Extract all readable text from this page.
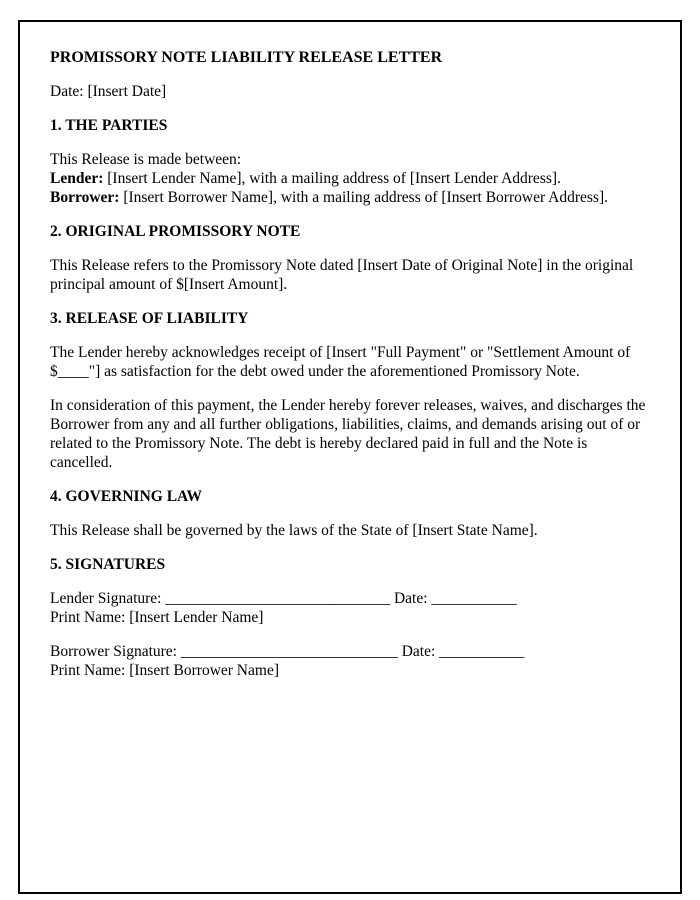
PROMISSORY NOTE LIABILITY RELEASE LETTER
Date: [Insert Date]
1. THE PARTIES
This Release is made between:
Lender: [Insert Lender Name], with a mailing address of [Insert Lender Address].
Borrower: [Insert Borrower Name], with a mailing address of [Insert Borrower Address].
2. ORIGINAL PROMISSORY NOTE
This Release refers to the Promissory Note dated [Insert Date of Original Note] in the original principal amount of $[Insert Amount].
3. RELEASE OF LIABILITY
The Lender hereby acknowledges receipt of [Insert "Full Payment" or "Settlement Amount of $____"] as satisfaction for the debt owed under the aforementioned Promissory Note.
In consideration of this payment, the Lender hereby forever releases, waives, and discharges the Borrower from any and all further obligations, liabilities, claims, and demands arising out of or related to the Promissory Note. The debt is hereby declared paid in full and the Note is cancelled.
4. GOVERNING LAW
This Release shall be governed by the laws of the State of [Insert State Name].
5. SIGNATURES
Lender Signature: _____________________________ Date: ___________
Print Name: [Insert Lender Name]
Borrower Signature: ____________________________ Date: ___________
Print Name: [Insert Borrower Name]
